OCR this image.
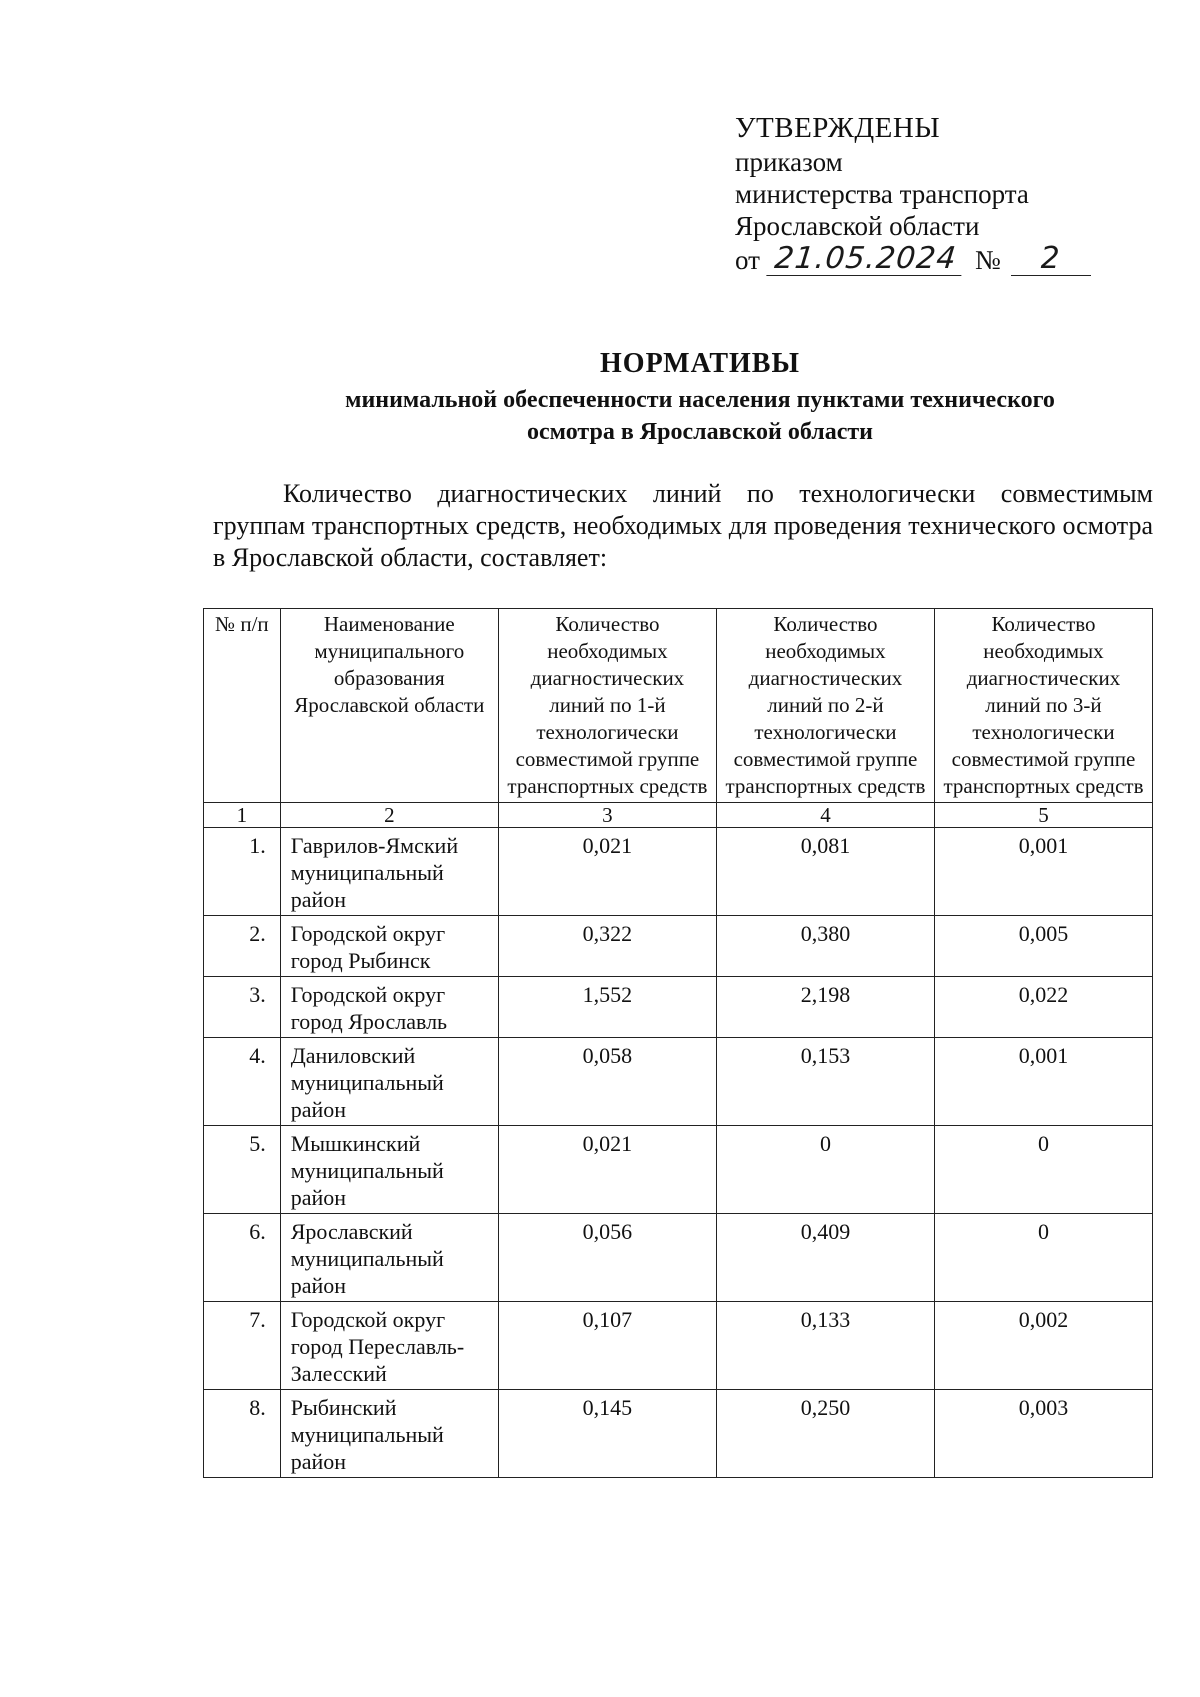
УТВЕРЖДЕНЫ
приказом
министерства транспорта
Ярославской области
от 21.05.2024 №	2
НОРМАТИВЫ
минимальной обеспеченности населения пунктами технического
осмотра в Ярославской области
Количество диагностических линий по технологически совместимым группам транспортных средств, необходимых для проведения технического осмотра в Ярославской области, составляет:
№ п/п	Наименование муниципального образования Ярославской области	Количество необходимых диагностических линий по 1-й технологически совместимой группе транспортных средств	Количество необходимых диагностических линий по 2-й технологически совместимой группе транспортных средств	Количество необходимых диагностических линий по 3-й технологически совместимой группе транспортных средств
1	2	3	4	5
1.	Гаврилов-Ямский муниципальный район	0,021	0,081	0,001
2.	Городской округ город Рыбинск	0,322	0,380	0,005
3.	Городской округ город Ярославль	1,552	2,198	0,022
4.	Даниловский муниципальный район	0,058	0,153	0,001
5.	Мышкинский муниципальный район	0,021	0	0
6.	Ярославский муниципальный район	0,056	0,409	0
7.	Городской округ город Переславль-Залесский	0,107	0,133	0,002
8.	Рыбинский муниципальный район	0,145	0,250	0,003
